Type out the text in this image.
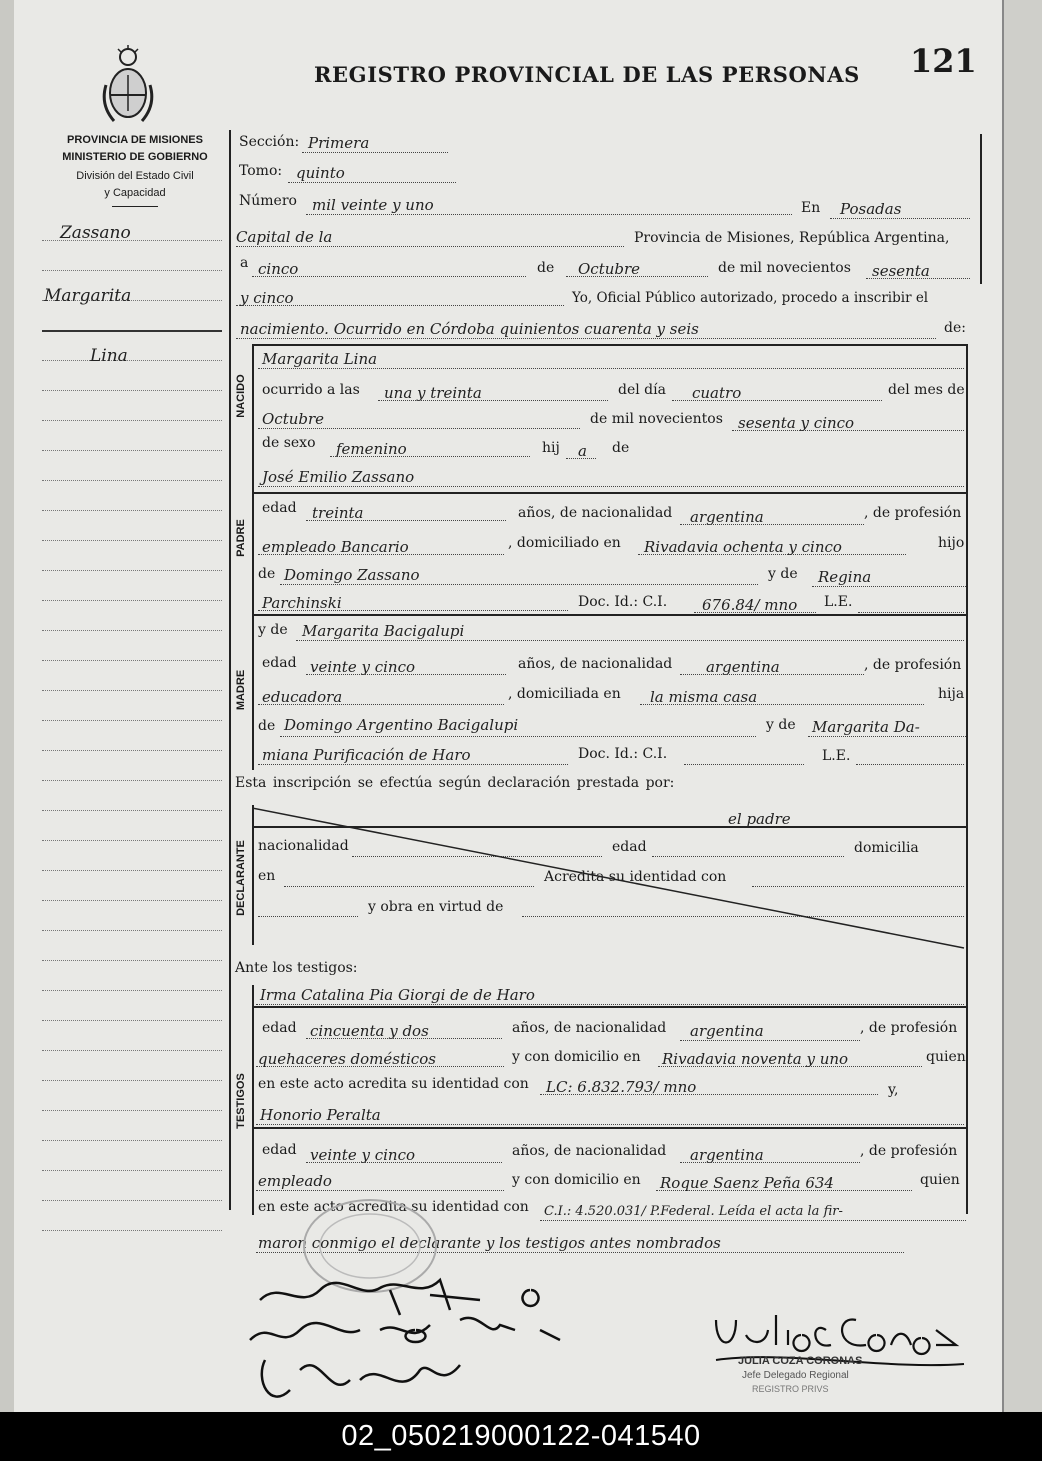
REGISTRO PROVINCIAL DE LAS PERSONAS 121
PROVINCIA DE MISIONES
MINISTERIO DE GOBIERNO
División del Estado Civil
y Capacidad
Zassano
Margarita
Lina
NACIDO
PADRE
MADRE
DECLARANTE
TESTIGOS
Sección: Primera
Tomo: quinto
Número mil veinte y uno	En Posadas
Capital de la	Provincia de Misiones, República Argentina,
a cinco	de Octubre	de mil novecientos sesenta
y cinco	Yo, Oficial Público autorizado, procedo a inscribir el
nacimiento. Ocurrido en Córdoba quinientos cuarenta y seis	de:
Margarita Lina
ocurrido a las una y treinta	del día cuatro	del mes de
Octubre	de mil novecientos sesenta y cinco
de sexo femenino	hij a de
José Emilio Zassano
edad treinta	años, de nacionalidad argentina	, de profesión
empleado Bancario	, domiciliado en Rivadavia ochenta y cinco	hijo
de Domingo Zassano	y de Regina
Parchinski	Doc. Id.: C.I. 676.84/ mno L.E.
y de Margarita Bacigalupi
edad veinte y cinco	años, de nacionalidad argentina	, de profesión
educadora	, domiciliada en la misma casa	hija
de Domingo Argentino Bacigalupi	y de Margarita Da-
miana Purificación de Haro	Doc. Id.: C.I.	L.E.
Esta inscripción se efectúa según declaración prestada por:
el padre
nacionalidad	edad	domicilia
en	Acredita su identidad con
y obra en virtud de
Ante los testigos:
Irma Catalina Pia Giorgi de de Haro
edad cincuenta y dos	años, de nacionalidad argentina	, de profesión
quehaceres domésticos	y con domicilio en Rivadavia noventa y uno	quien
en este acto acredita su identidad con LC: 6.832.793/ mno	y,
Honorio Peralta
edad veinte y cinco	años, de nacionalidad argentina	, de profesión
empleado	y con domicilio en Roque Saenz Peña 634	quien
en este acto acredita su identidad con C.I.: 4.520.031/ P.Federal. Leída el acta la fir-
maron conmigo el declarante y los testigos antes nombrados
JULIA COZA CORONAS
Jefe Delegado Regional
REGISTRO PRIVS
02_050219000122-041540
